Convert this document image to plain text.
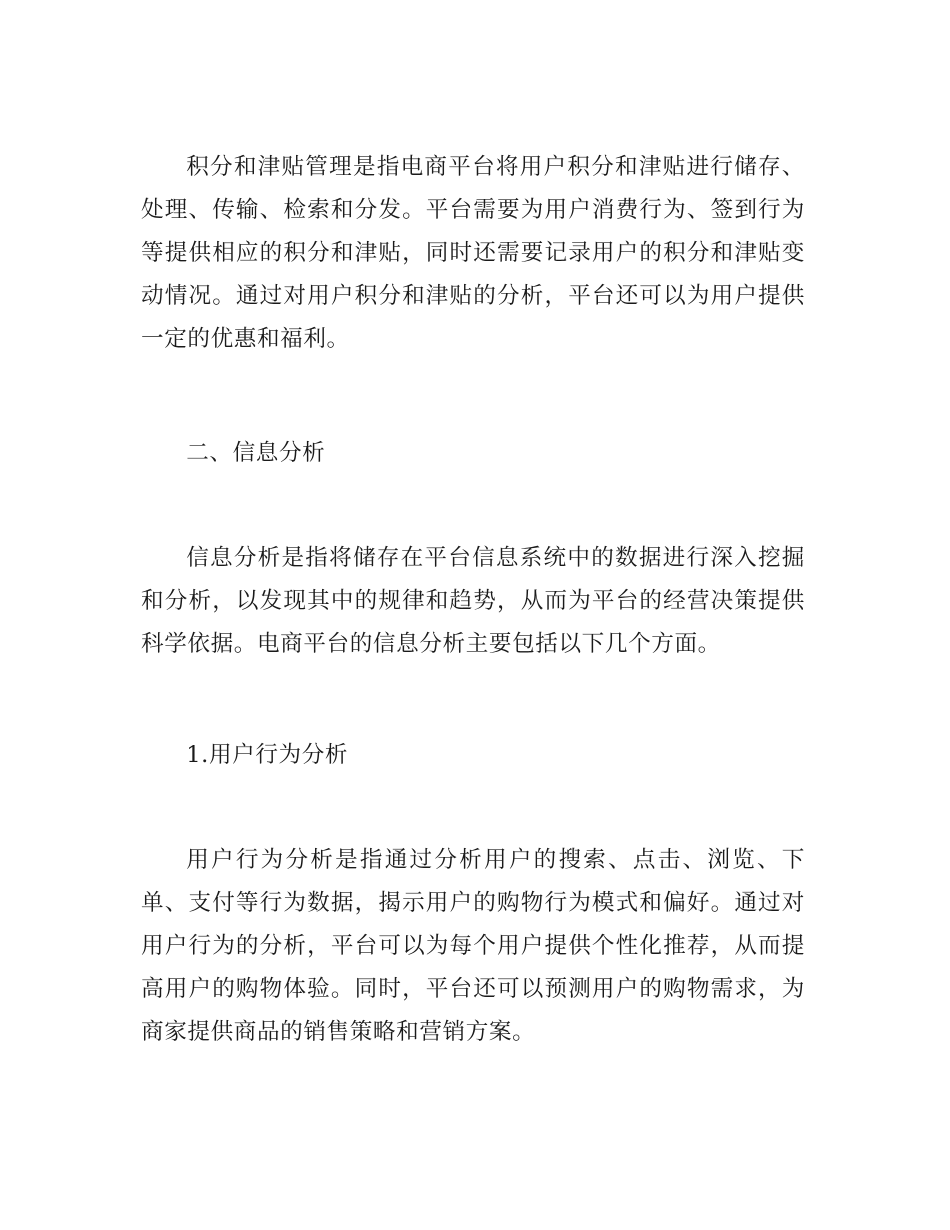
积分和津贴管理是指电商平台将用户积分和津贴进行储存、处理、传输、检索和分发。平台需要为用户消费行为、签到行为等提供相应的积分和津贴，同时还需要记录用户的积分和津贴变动情况。通过对用户积分和津贴的分析，平台还可以为用户提供一定的优惠和福利。

二、信息分析

信息分析是指将储存在平台信息系统中的数据进行深入挖掘和分析，以发现其中的规律和趋势，从而为平台的经营决策提供科学依据。电商平台的信息分析主要包括以下几个方面。

1.用户行为分析

用户行为分析是指通过分析用户的搜索、点击、浏览、下单、支付等行为数据，揭示用户的购物行为模式和偏好。通过对用户行为的分析，平台可以为每个用户提供个性化推荐，从而提高用户的购物体验。同时，平台还可以预测用户的购物需求，为商家提供商品的销售策略和营销方案。
